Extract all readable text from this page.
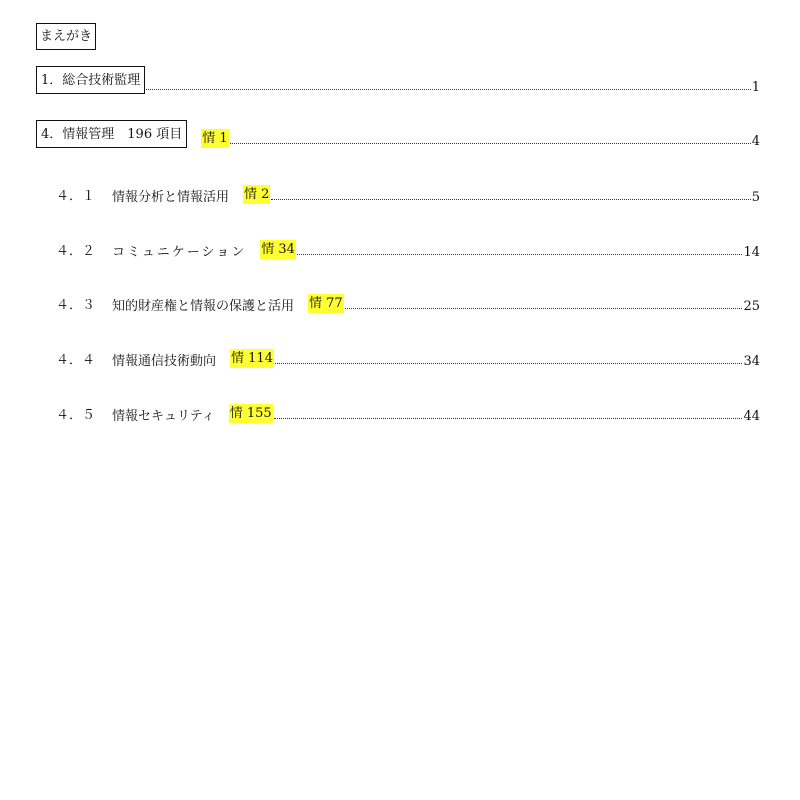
まえがき
1． 総合技術監理	1
4． 情報管理　196 項目 情 1	4
４．１	情報分析と情報活用 情 2	5
４．２	コミュニケーション 情 34	14
４．３	知的財産権と情報の保護と活用 情 77	25
４．４	情報通信技術動向 情 114	34
４．５	情報セキュリティ 情 155	44
